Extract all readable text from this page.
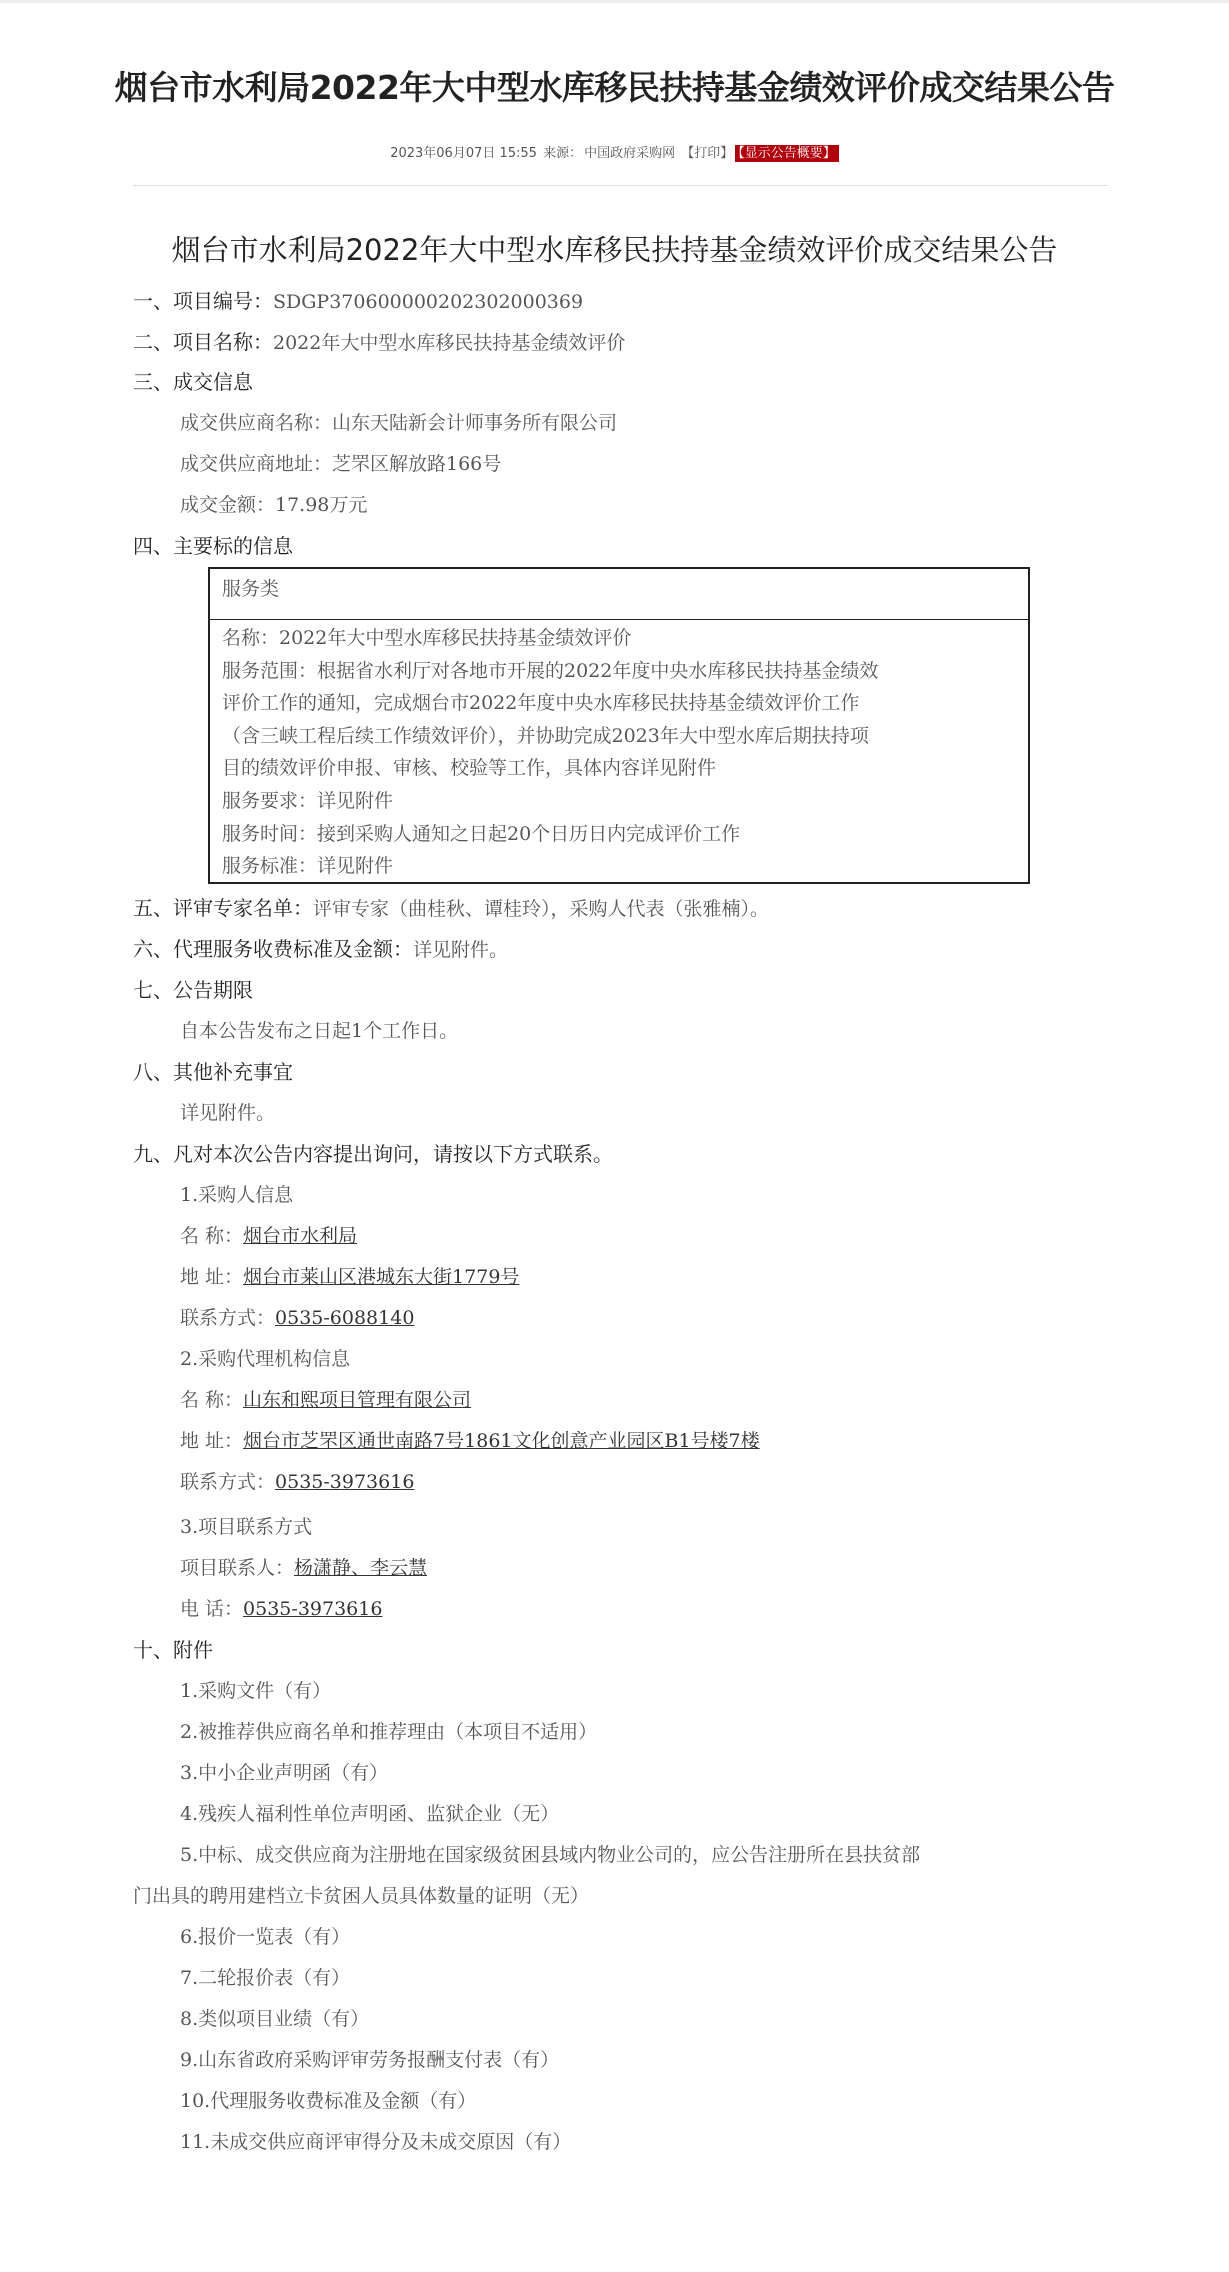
烟台市水利局2022年大中型水库移民扶持基金绩效评价成交结果公告
2023年06月07日 15:55 来源： 中国政府采购网 【打印】 【显示公告概要】
烟台市水利局2022年大中型水库移民扶持基金绩效评价成交结果公告
一、项目编号：SDGP370600000202302000369
二、项目名称：2022年大中型水库移民扶持基金绩效评价
三、成交信息
成交供应商名称：山东天陆新会计师事务所有限公司
成交供应商地址：芝罘区解放路166号
成交金额：17.98万元
四、主要标的信息
服务类
名称：2022年大中型水库移民扶持基金绩效评价
服务范围：根据省水利厅对各地市开展的2022年度中央水库移民扶持基金绩效
评价工作的通知，完成烟台市2022年度中央水库移民扶持基金绩效评价工作
（含三峡工程后续工作绩效评价），并协助完成2023年大中型水库后期扶持项
目的绩效评价申报、审核、校验等工作，具体内容详见附件
服务要求：详见附件
服务时间：接到采购人通知之日起20个日历日内完成评价工作
服务标准：详见附件
五、评审专家名单：评审专家（曲桂秋、谭桂玲），采购人代表（张雅楠）。
六、代理服务收费标准及金额：详见附件。
七、公告期限
自本公告发布之日起1个工作日。
八、其他补充事宜
详见附件。
九、凡对本次公告内容提出询问，请按以下方式联系。
1.采购人信息
名 称：烟台市水利局
地 址：烟台市莱山区港城东大街1779号
联系方式：0535-6088140
2.采购代理机构信息
名 称：山东和熙项目管理有限公司
地 址：烟台市芝罘区通世南路7号1861文化创意产业园区B1号楼7楼
联系方式：0535-3973616
3.项目联系方式
项目联系人：杨潇静、李云慧
电 话：0535-3973616
十、附件
1.采购文件（有）
2.被推荐供应商名单和推荐理由（本项目不适用）
3.中小企业声明函（有）
4.残疾人福利性单位声明函、监狱企业（无）
5.中标、成交供应商为注册地在国家级贫困县域内物业公司的，应公告注册所在县扶贫部
门出具的聘用建档立卡贫困人员具体数量的证明（无）
6.报价一览表（有）
7.二轮报价表（有）
8.类似项目业绩（有）
9.山东省政府采购评审劳务报酬支付表（有）
10.代理服务收费标准及金额（有）
11.未成交供应商评审得分及未成交原因（有）
